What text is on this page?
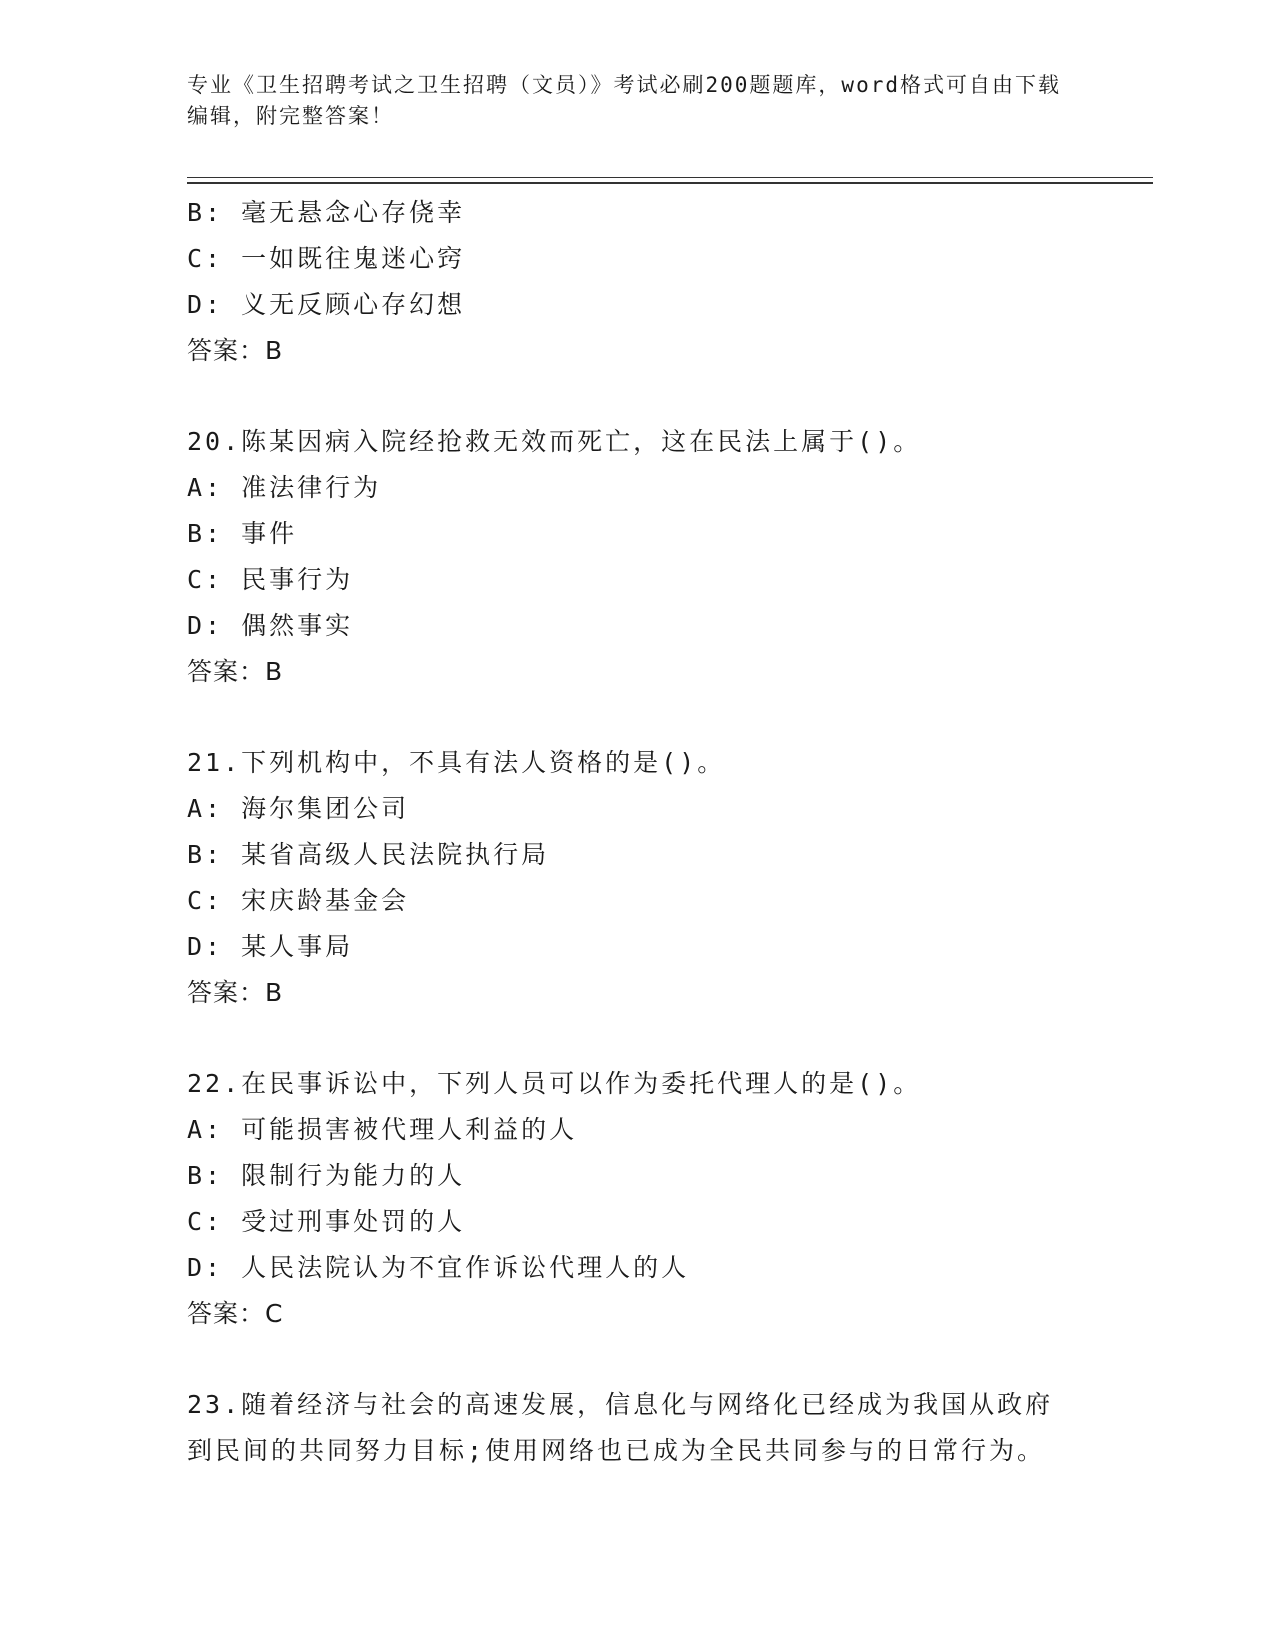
专业《卫生招聘考试之卫生招聘（文员）》考试必刷200题题库，word格式可自由下载编辑，附完整答案！
B: 毫无悬念心存侥幸
C: 一如既往鬼迷心窍
D: 义无反顾心存幻想
答案：B
20.陈某因病入院经抢救无效而死亡，这在民法上属于()。
A: 准法律行为
B: 事件
C: 民事行为
D: 偶然事实
答案：B
21.下列机构中，不具有法人资格的是()。
A: 海尔集团公司
B: 某省高级人民法院执行局
C: 宋庆龄基金会
D: 某人事局
答案：B
22.在民事诉讼中，下列人员可以作为委托代理人的是()。
A: 可能损害被代理人利益的人
B: 限制行为能力的人
C: 受过刑事处罚的人
D: 人民法院认为不宜作诉讼代理人的人
答案：C
23.随着经济与社会的高速发展，信息化与网络化已经成为我国从政府
到民间的共同努力目标;使用网络也已成为全民共同参与的日常行为。
